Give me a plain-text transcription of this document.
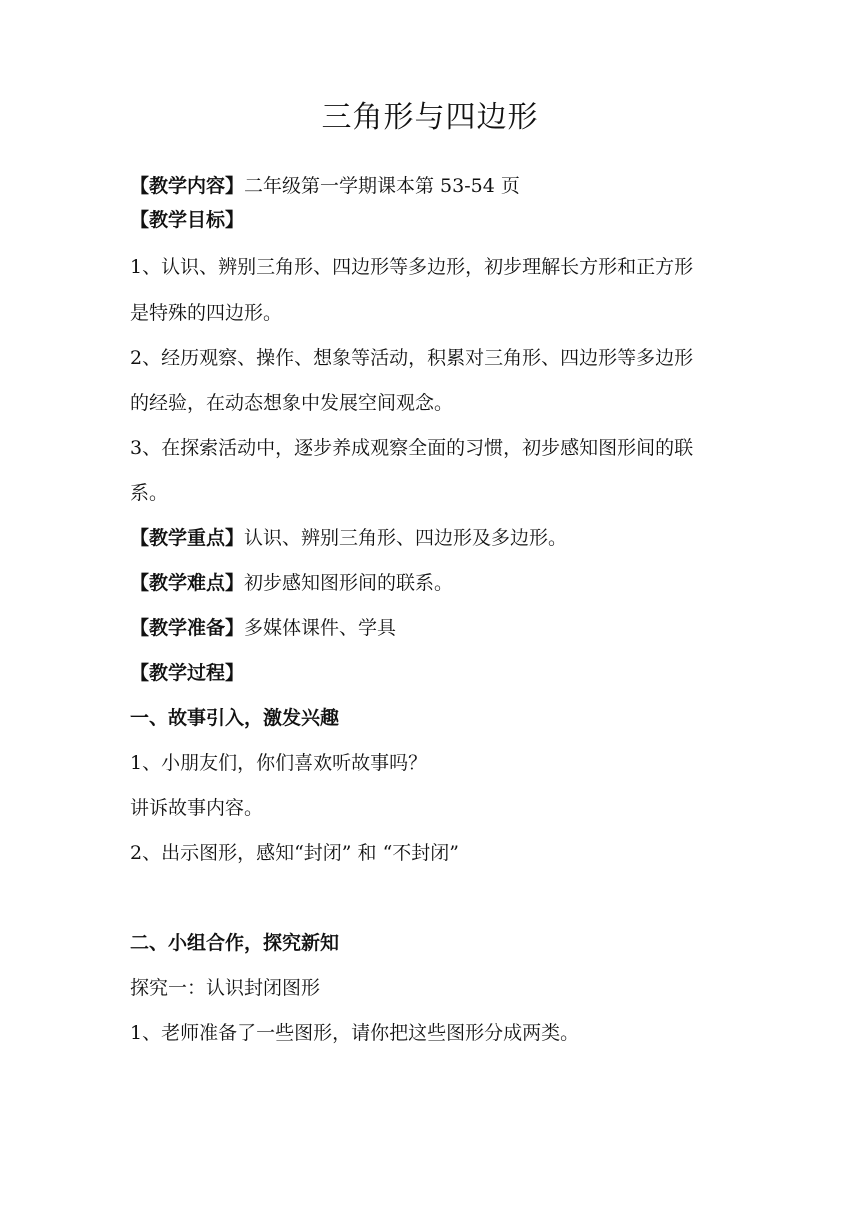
三角形与四边形
【教学内容】二年级第一学期课本第 53-54 页
【教学目标】
1、认识、辨别三角形、四边形等多边形，初步理解长方形和正方形
是特殊的四边形。
2、经历观察、操作、想象等活动，积累对三角形、四边形等多边形
的经验，在动态想象中发展空间观念。
3、在探索活动中，逐步养成观察全面的习惯，初步感知图形间的联
系。
【教学重点】认识、辨别三角形、四边形及多边形。
【教学难点】初步感知图形间的联系。
【教学准备】多媒体课件、学具
【教学过程】
一、故事引入，激发兴趣
1、小朋友们，你们喜欢听故事吗？
讲诉故事内容。
2、出示图形，感知“封闭” 和 “不封闭”
二、小组合作，探究新知
探究一：认识封闭图形
1、老师准备了一些图形，请你把这些图形分成两类。
